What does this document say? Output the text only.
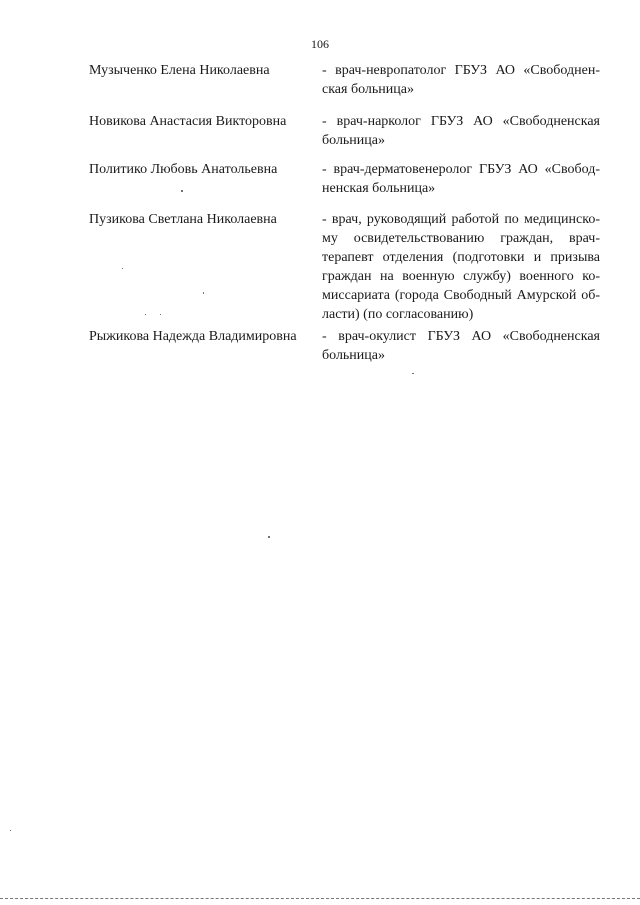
106
Музыченко Елена Николаевна	- врач-невропатолог ГБУЗ АО «Свободненская больница»
Новикова Анастасия Викторовна	- врач-нарколог ГБУЗ АО «Свободненская больница»
Политико Любовь Анатольевна	- врач-дерматовенеролог ГБУЗ АО «Свободненская больница»
Пузикова Светлана Николаевна	- врач, руководящий работой по медицинскому освидетельствованию граждан, врач-терапевт отделения (подготовки и призыва граждан на военную службу) военного комиссариата (города Свободный Амурской области) (по согласованию)
Рыжикова Надежда Владимировна - врач-окулист ГБУЗ АО «Свободненская больница»
